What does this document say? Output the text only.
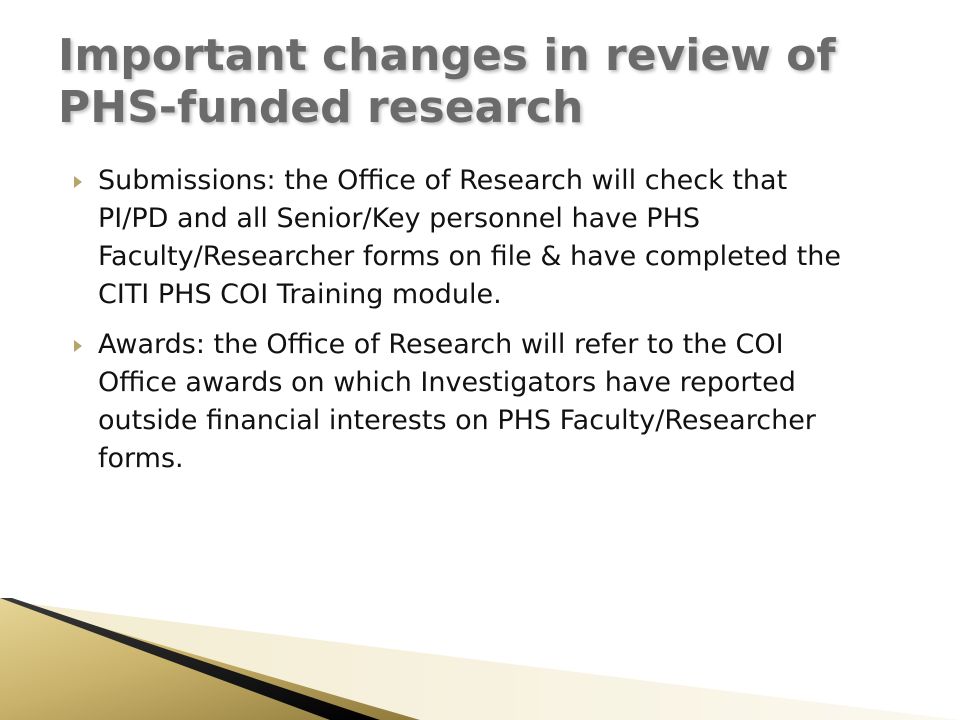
Important changes in review of PHS-funded research
Submissions: the Office of Research will check that PI/PD and all Senior/Key personnel have PHS Faculty/Researcher forms on file & have completed the CITI PHS COI Training module.
Awards: the Office of Research will refer to the COI Office awards on which Investigators have reported outside financial interests on PHS Faculty/Researcher forms.
